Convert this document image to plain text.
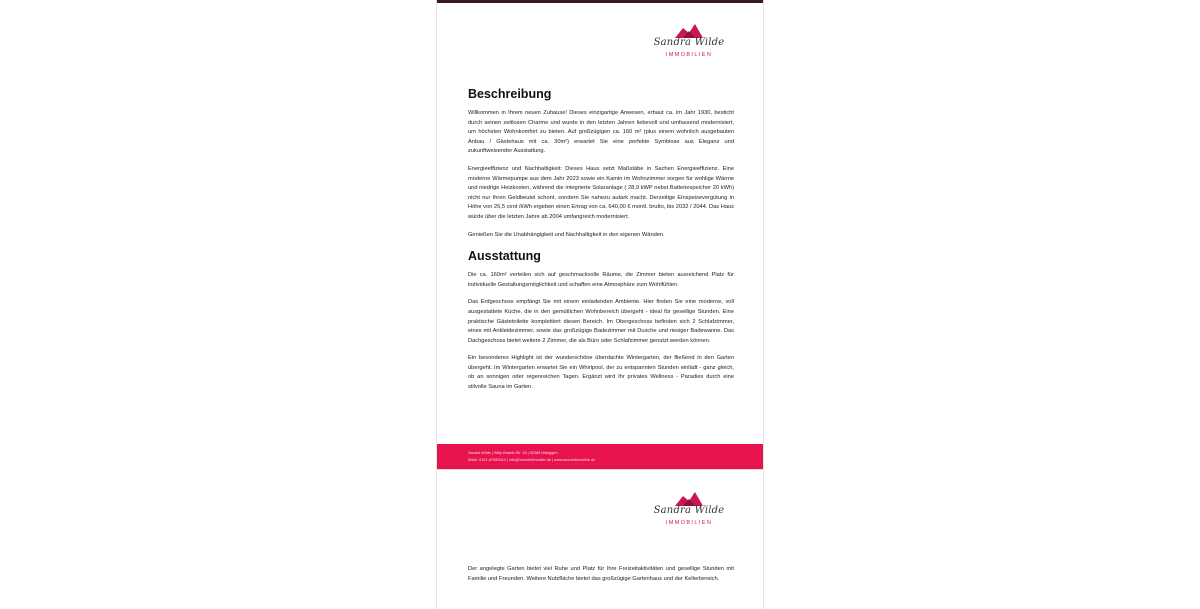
Sandra Wilde
IMMOBILIEN
Beschreibung

Willkommen in Ihrem neuen Zuhause! Dieses einzigartige Anwesen, erbaut ca. im Jahr 1930, besticht durch seinen zeitlosen Charme und wurde in den letzten Jahren liebevoll und umfassend modernisiert, um höchsten Wohnkomfort zu bieten. Auf großzügigen ca. 160 m² (plus einem wohnlich ausgebauten Anbau / Gästehaus mit ca. 30m²) erwartet Sie eine perfekte Symbiose aus Eleganz und zukunftweisender Ausstattung.

Energieeffizienz und Nachhaltigkeit: Dieses Haus setzt Maßstäbe in Sachen Energieeffizienz. Eine moderne Wärmepumpe aus dem Jahr 2023 sowie ein Kamin im Wohnzimmer sorgen für wohlige Wärme und niedrige Heizkosten, während die integrierte Solaranlage ( 28,9 kWP nebst Batteriespeicher 20 kWh) nicht nur Ihren Geldbeutel schont, sondern Sie nahezu autark macht. Derzeitige Einspeisevergütung in Höhe von 26,5 cent /kWh ergeben einen Ertrag von ca. 640,00 € montl. brutto, bis 2032 / 2044. Das Haus würde über die letzten Jahre ab 2004 umfangreich modernisiert.

Genießen Sie die Unabhängigkeit und Nachhaltigkeit in den eigenen Wänden.

Ausstattung

Die ca. 160m² verteilen sich auf geschmackvolle Räume, die Zimmer bieten ausreichend Platz für individuelle Gestaltungsmöglichkeit und schaffen eine Atmosphäre zum Wohlfühlen.

Das Erdgeschoss empfängt Sie mit einem einladenden Ambiente. Hier finden Sie eine moderne, voll ausgestattete Küche, die in den gemütlichen Wohnbereich übergeht - ideal für gesellige Stunden. Eine praktische Gästetoilette komplettiert diesen Bereich. Im Obergeschoss befinden sich 2 Schlafzimmer, eines mit Ankleidezimmer, sowie das großzügige Badezimmer mit Dusche und riesiger Badewanne. Das Dachgeschoss bietet weitere 2 Zimmer, die als Büro oder Schlafzimmer genutzt werden können.

Ein besonderes Highlight ist der wunderschöne überdachte Wintergarten, der fließend in den Garten übergeht. Im Wintergarten erwartet Sie ein Whirlpool, der zu entspannten Stunden einlädt - ganz gleich, ob an sonnigen oder regenreichen Tagen. Ergänzt wird Ihr privates Wellness - Paradies durch eine stilvolle Sauna im Garten.

Sandra Wilde | Willy-Brandt-Str. 15 | 52385 Nideggen
Mobil: 0151-67982614 | info@immobilienwilde.de | www.immobilienwilde.de
Sandra Wilde
IMMOBILIEN

Der angelegte Garten bietet viel Ruhe und Platz für Ihre Freizeitaktivitäten und gesellige Stunden mit Familie und Freunden. Weitere Nutzfläche bietet das großzügige Gartenhaus und der Kellerbereich.
